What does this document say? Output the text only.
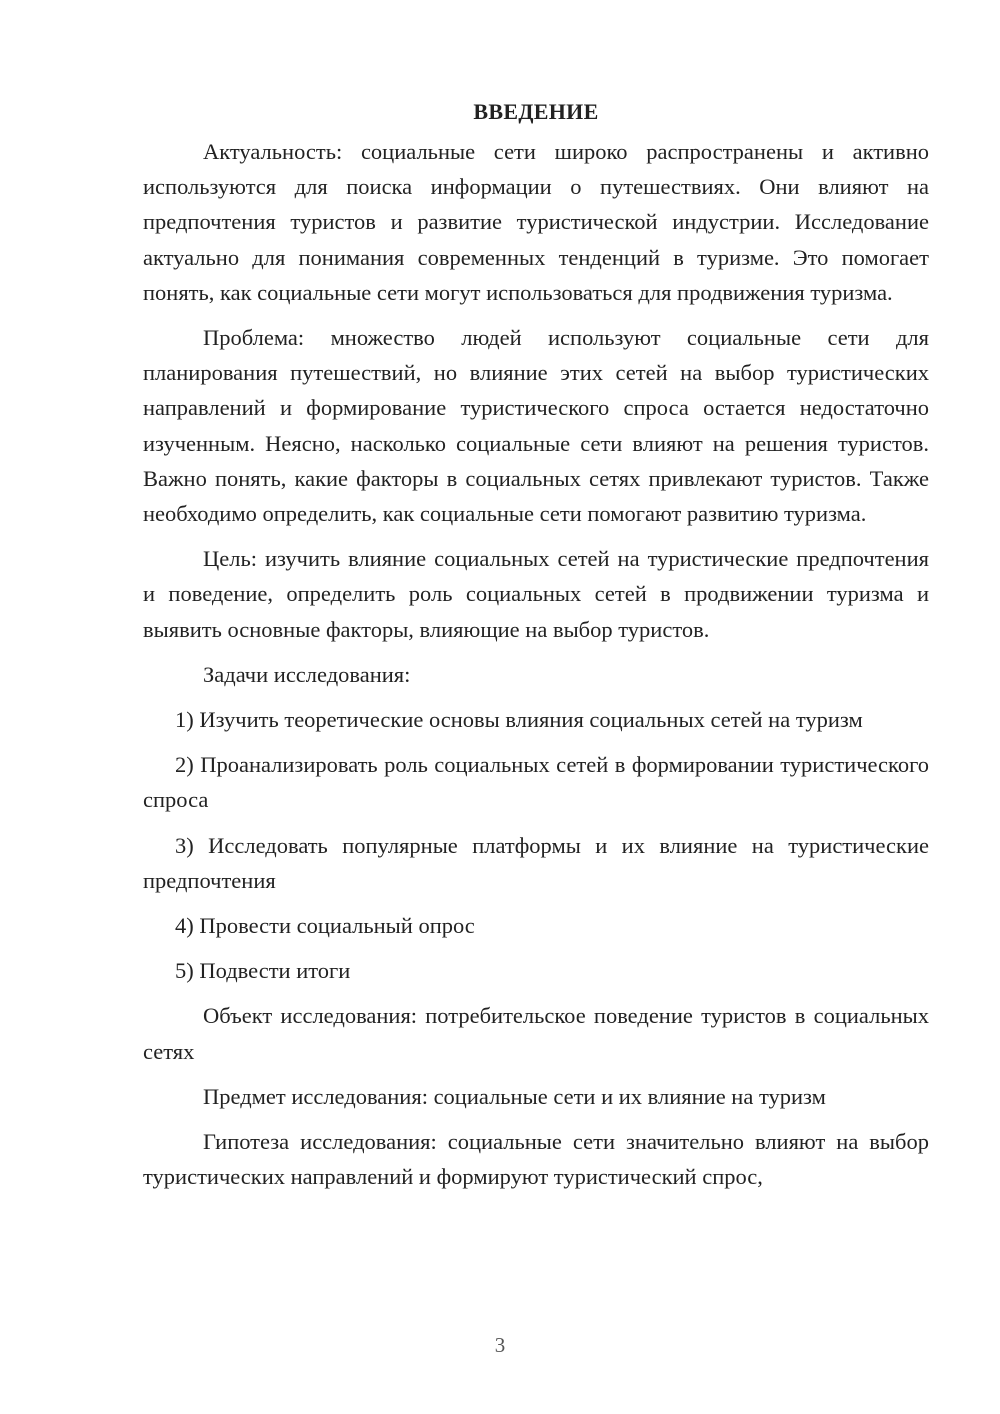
ВВЕДЕНИЕ

Актуальность: социальные сети широко распространены и активно используются для поиска информации о путешествиях. Они влияют на предпочтения туристов и развитие туристической индустрии. Исследование актуально для понимания современных тенденций в туризме. Это помогает понять, как социальные сети могут использоваться для продвижения туризма.

Проблема: множество людей используют социальные сети для планирования путешествий, но влияние этих сетей на выбор туристических направлений и формирование туристического спроса остается недостаточно изученным. Неясно, насколько социальные сети влияют на решения туристов. Важно понять, какие факторы в социальных сетях привлекают туристов. Также необходимо определить, как социальные сети помогают развитию туризма.

Цель: изучить влияние социальных сетей на туристические предпочтения и поведение, определить роль социальных сетей в продвижении туризма и выявить основные факторы, влияющие на выбор туристов.

Задачи исследования:

1) Изучить теоретические основы влияния социальных сетей на туризм

2) Проанализировать роль социальных сетей в формировании туристического спроса

3) Исследовать популярные платформы и их влияние на туристические предпочтения

4) Провести социальный опрос

5) Подвести итоги

Объект исследования: потребительское поведение туристов в социальных сетях

Предмет исследования: социальные сети и их влияние на туризм

Гипотеза исследования: социальные сети значительно влияют на выбор туристических направлений и формируют туристический спрос,

3
